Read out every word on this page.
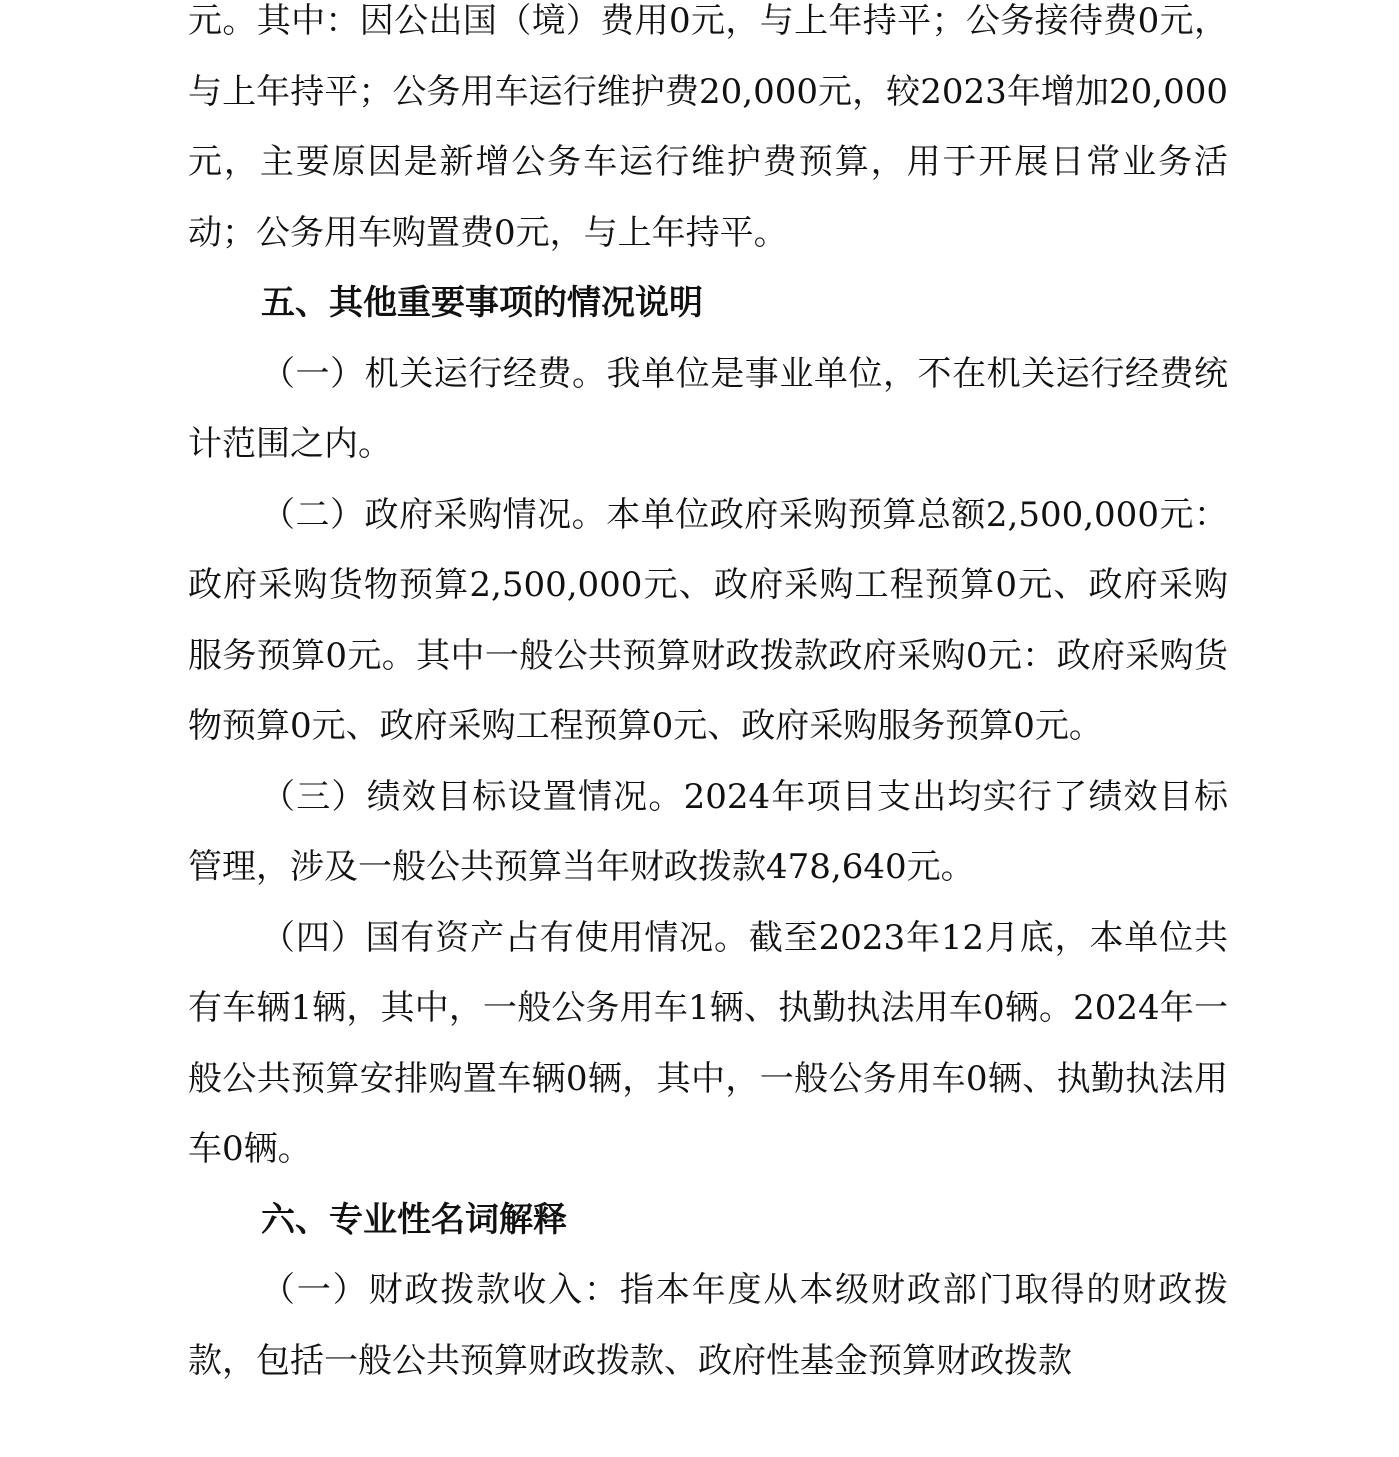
元。其中：因公出国（境）费用0元，与上年持平；公务接待费0元，与上年持平；公务用车运行维护费20,000元，较2023年增加20,000元，主要原因是新增公务车运行维护费预算，用于开展日常业务活动；公务用车购置费0元，与上年持平。

五、其他重要事项的情况说明

（一）机关运行经费。我单位是事业单位，不在机关运行经费统计范围之内。

（二）政府采购情况。本单位政府采购预算总额2,500,000元：政府采购货物预算2,500,000元、政府采购工程预算0元、政府采购服务预算0元。其中一般公共预算财政拨款政府采购0元：政府采购货物预算0元、政府采购工程预算0元、政府采购服务预算0元。

（三）绩效目标设置情况。2024年项目支出均实行了绩效目标管理，涉及一般公共预算当年财政拨款478,640元。

（四）国有资产占有使用情况。截至2023年12月底，本单位共有车辆1辆，其中，一般公务用车1辆、执勤执法用车0辆。2024年一般公共预算安排购置车辆0辆，其中，一般公务用车0辆、执勤执法用车0辆。

六、专业性名词解释

（一）财政拨款收入：指本年度从本级财政部门取得的财政拨款，包括一般公共预算财政拨款、政府性基金预算财政拨款
